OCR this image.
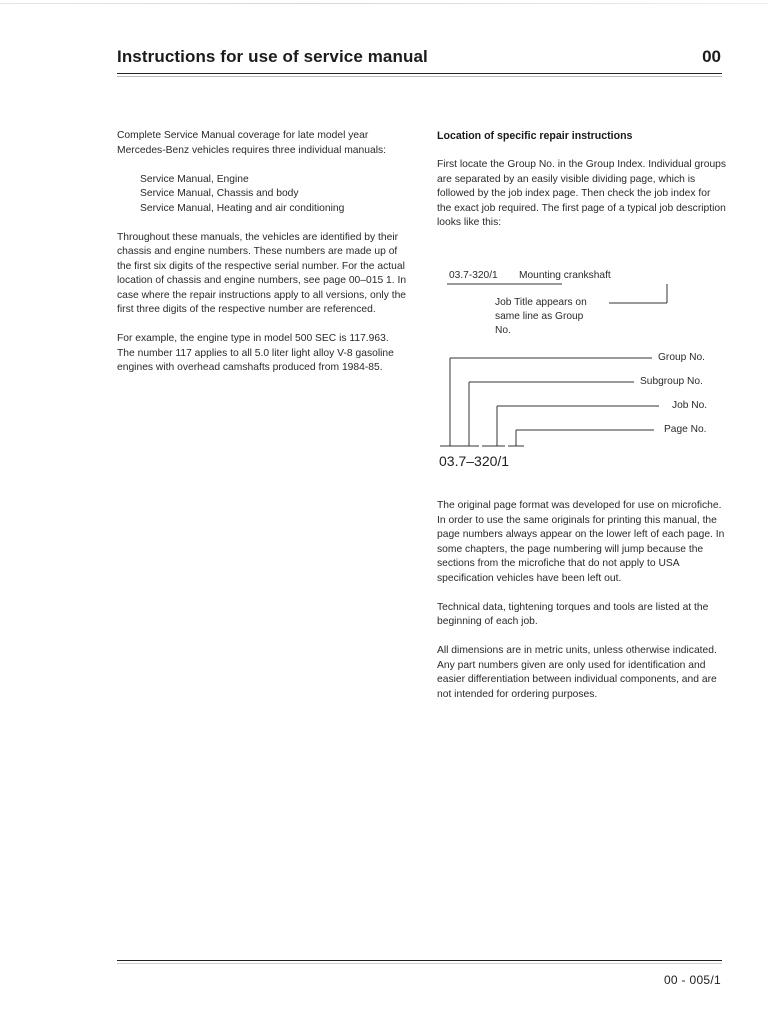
Instructions for use of service manual	00

Complete Service Manual coverage for late model year Mercedes-Benz vehicles requires three individual manuals:

Service Manual, Engine
Service Manual, Chassis and body
Service Manual, Heating and air conditioning

Throughout these manuals, the vehicles are identified by their chassis and engine numbers. These numbers are made up of the first six digits of the respective serial number. For the actual location of chassis and engine numbers, see page 00–015 1. In case where the repair instructions apply to all versions, only the first three digits of the respective number are referenced.

For example, the engine type in model 500 SEC is 117.963. The number 117 applies to all 5.0 liter light alloy V-8 gasoline engines with overhead camshafts produced from 1984-85.

Location of specific repair instructions

First locate the Group No. in the Group Index. Individual groups are separated by an easily visible dividing page, which is followed by the job index page. Then check the job index for the exact job required. The first page of a typical job description looks like this:

03.7-320/1 Mounting crankshaft
Job Title appears on
same line as Group
No.
Group No.
Subgroup No.
Job No.
Page No.
03.7–320/1

The original page format was developed for use on microfiche. In order to use the same originals for printing this manual, the page numbers always appear on the lower left of each page. In some chapters, the page numbering will jump because the sections from the microfiche that do not apply to USA specification vehicles have been left out.

Technical data, tightening torques and tools are listed at the beginning of each job.

All dimensions are in metric units, unless otherwise indicated. Any part numbers given are only used for identification and easier differentiation between individual components, and are not intended for ordering purposes.

00 - 005/1
